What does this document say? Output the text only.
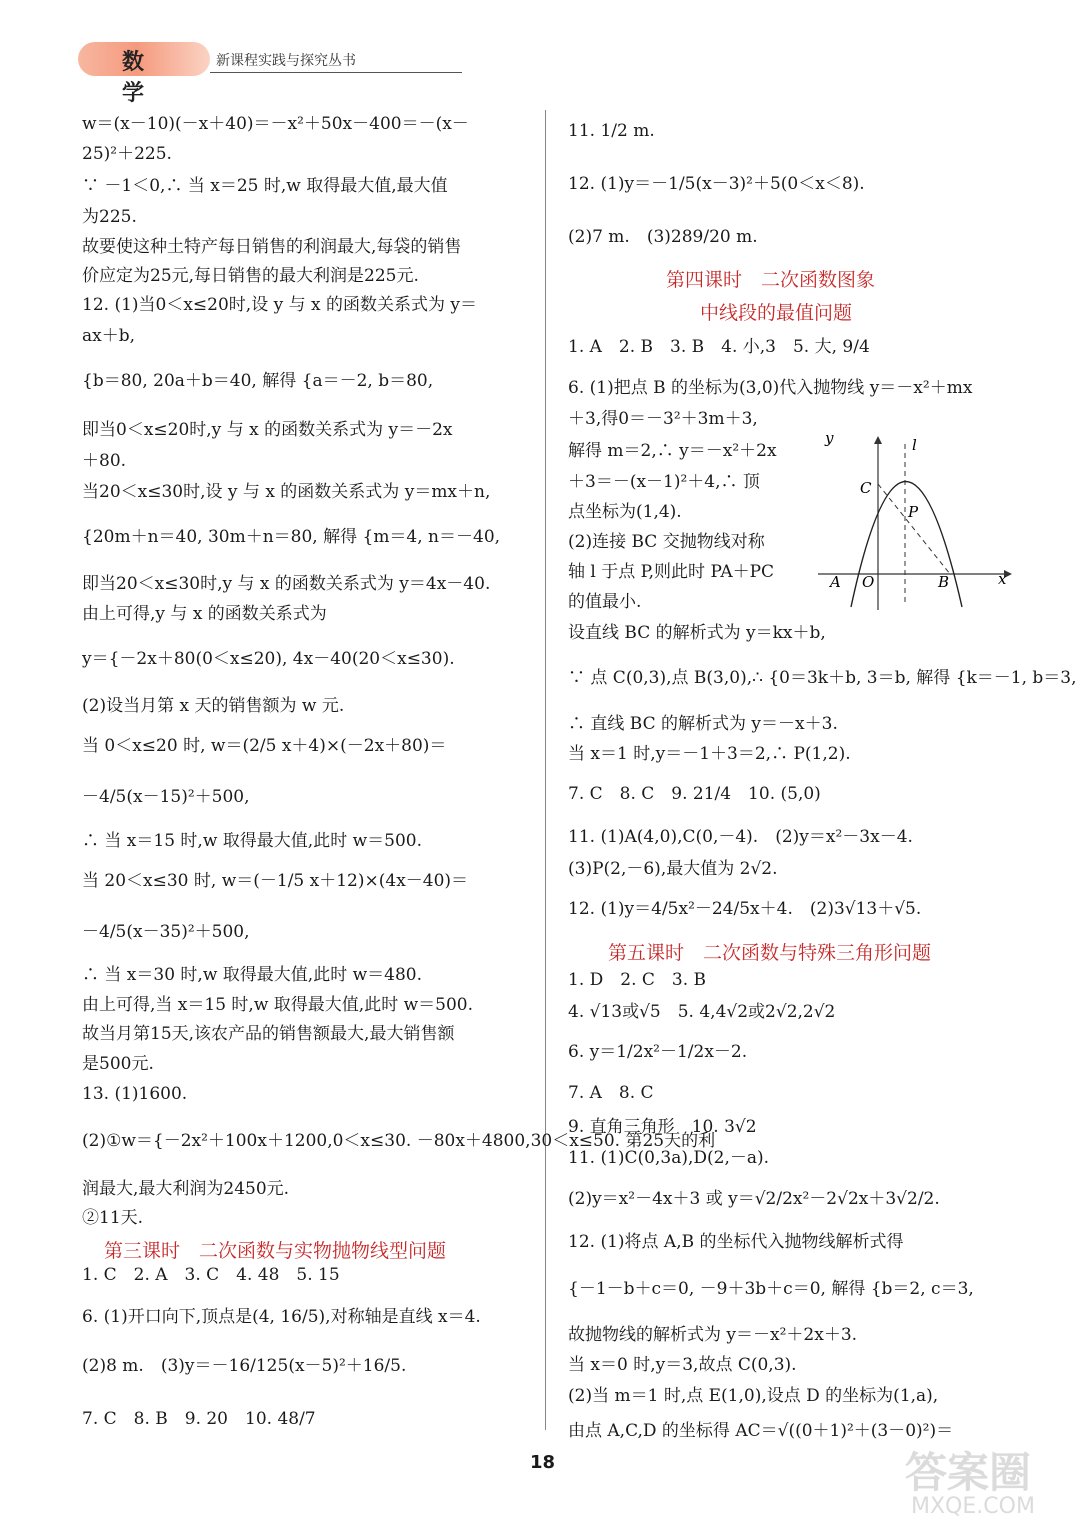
数学
新课程实践与探究丛书
w＝(x－10)(－x＋40)＝－x²＋50x－400＝－(x－
25)²＋225.
∵ －1＜0,∴ 当 x＝25 时,w 取得最大值,最大值
为225.
故要使这种土特产每日销售的利润最大,每袋的销售
价应定为25元,每日销售的最大利润是225元.
12. (1)当0＜x≤20时,设 y 与 x 的函数关系式为 y＝
ax＋b,
{b＝80, 20a＋b＝40, 解得 {a＝－2, b＝80,
即当0＜x≤20时,y 与 x 的函数关系式为 y＝－2x
＋80.
当20＜x≤30时,设 y 与 x 的函数关系式为 y＝mx＋n,
{20m＋n＝40, 30m＋n＝80, 解得 {m＝4, n＝－40,
即当20＜x≤30时,y 与 x 的函数关系式为 y＝4x－40.
由上可得,y 与 x 的函数关系式为
y＝{－2x＋80(0＜x≤20), 4x－40(20＜x≤30).
(2)设当月第 x 天的销售额为 w 元.
当 0＜x≤20 时, w＝(2/5 x＋4)×(－2x＋80)＝
－4/5(x－15)²＋500,
∴ 当 x＝15 时,w 取得最大值,此时 w＝500.
当 20＜x≤30 时, w＝(－1/5 x＋12)×(4x－40)＝
－4/5(x－35)²＋500,
∴ 当 x＝30 时,w 取得最大值,此时 w＝480.
由上可得,当 x＝15 时,w 取得最大值,此时 w＝500.
故当月第15天,该农产品的销售额最大,最大销售额
是500元.
13. (1)1600.
(2)①w＝{－2x²＋100x＋1200,0＜x≤30. －80x＋4800,30＜x≤50. 第25天的利
润最大,最大利润为2450元.
②11天.
第三课时　二次函数与实物抛物线型问题
1. C　2. A　3. C　4. 48　5. 15
6. (1)开口向下,顶点是(4, 16/5),对称轴是直线 x＝4.
(2)8 m.　(3)y＝－16/125(x－5)²＋16/5.
7. C　8. B　9. 20　10. 48/7
11. 1/2 m.
12. (1)y＝－1/5(x－3)²＋5(0＜x＜8).
(2)7 m.　(3)289/20 m.
第四课时　二次函数图象
中线段的最值问题
1. A　2. B　3. B　4. 小,3　5. 大, 9/4
6. (1)把点 B 的坐标为(3,0)代入抛物线 y＝－x²＋mx
＋3,得0＝－3²＋3m＋3,
解得 m＝2,∴ y＝－x²＋2x
＋3＝－(x－1)²＋4,∴ 顶
点坐标为(1,4).
(2)连接 BC 交抛物线对称
轴 l 于点 P,则此时 PA＋PC
的值最小.
设直线 BC 的解析式为 y＝kx＋b,
∵ 点 C(0,3),点 B(3,0),∴ {0＝3k＋b, 3＝b, 解得 {k＝－1, b＝3,
∴ 直线 BC 的解析式为 y＝－x＋3.
当 x＝1 时,y＝－1＋3＝2,∴ P(1,2).
7. C　8. C　9. 21/4　10. (5,0)
11. (1)A(4,0),C(0,－4).　(2)y＝x²－3x－4.
(3)P(2,－6),最大值为 2√2.
12. (1)y＝4/5x²－24/5x＋4.　(2)3√13＋√5.
第五课时　二次函数与特殊三角形问题
1. D　2. C　3. B
4. √13或√5　5. 4,4√2或2√2,2√2
6. y＝1/2x²－1/2x－2.
7. A　8. C
9. 直角三角形　10. 3√2
11. (1)C(0,3a),D(2,－a).
(2)y＝x²－4x＋3 或 y＝√2/2x²－2√2x＋3√2/2.
12. (1)将点 A,B 的坐标代入抛物线解析式得
{－1－b＋c＝0, －9＋3b＋c＝0, 解得 {b＝2, c＝3,
故抛物线的解析式为 y＝－x²＋2x＋3.
当 x＝0 时,y＝3,故点 C(0,3).
(2)当 m＝1 时,点 E(1,0),设点 D 的坐标为(1,a),
由点 A,C,D 的坐标得 AC＝√((0＋1)²＋(3－0)²)＝
y	l
C
P
A O	B	x
18	答案圈
MXQE.COM
